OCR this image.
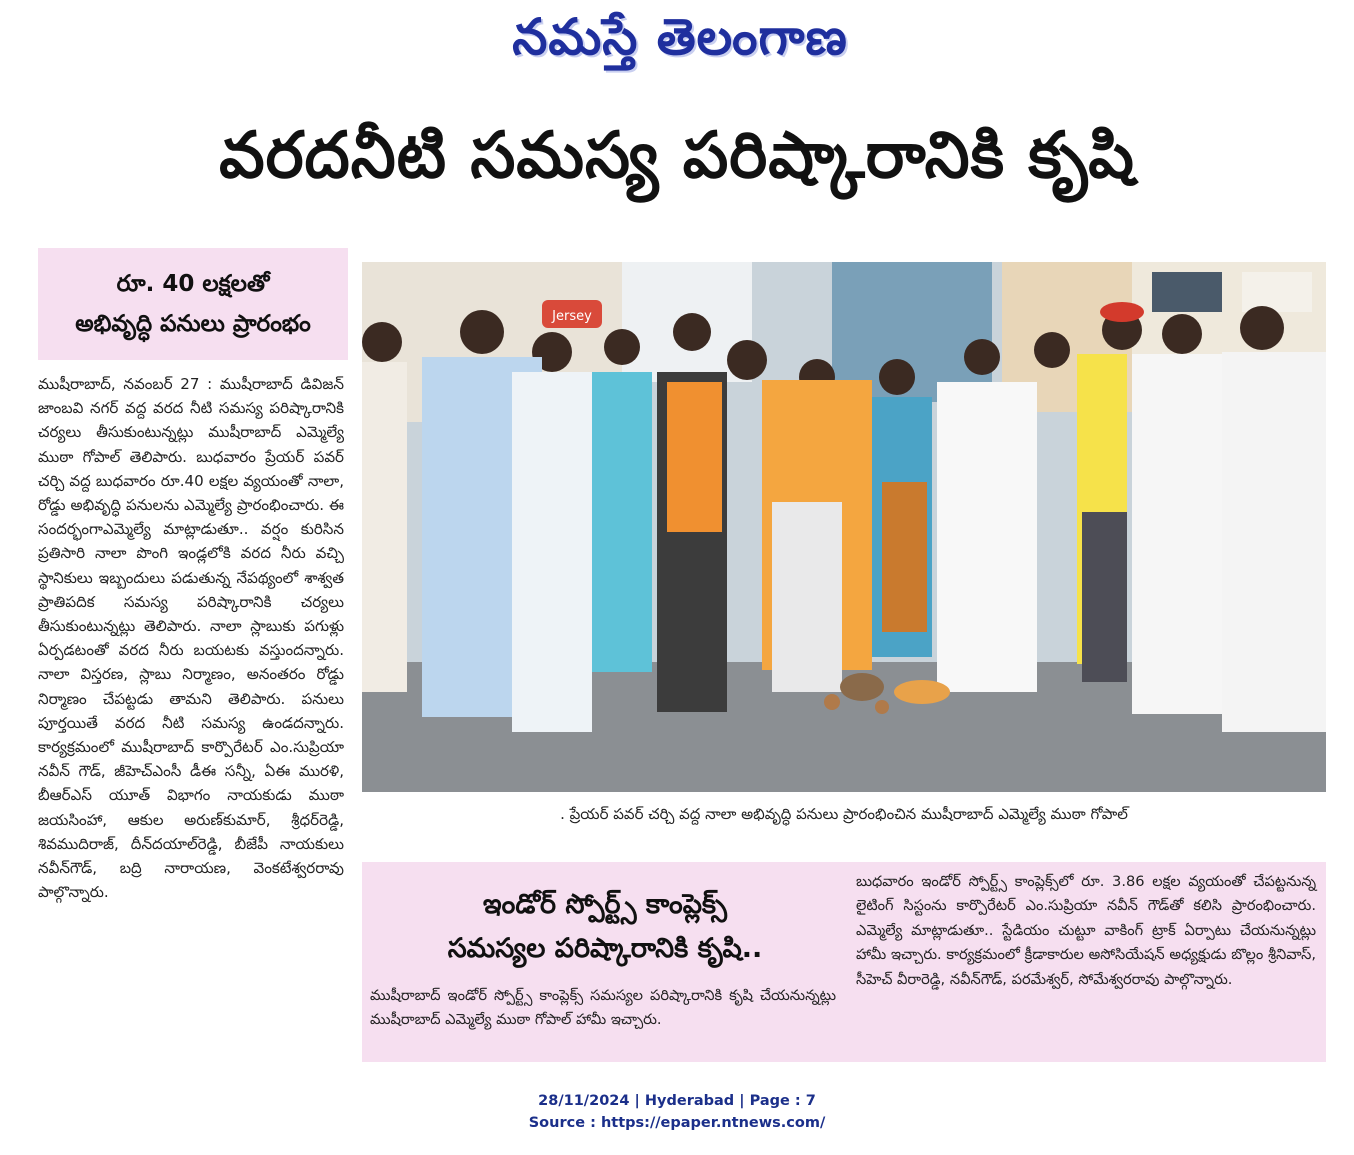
నమస్తే తెలంగాణ
వరదనీటి సమస్య పరిష్కారానికి కృషి
రూ. 40 లక్షలతో
అభివృద్ధి పనులు ప్రారంభం

ముషీరాబాద్, నవంబర్ 27 : ముషీరాబాద్ డివిజన్ జాంబవి నగర్ వద్ద వరద నీటి సమస్య పరిష్కారానికి చర్యలు తీసుకుంటున్నట్లు ముషీరాబాద్ ఎమ్మెల్యే ముఠా గోపాల్ తెలిపారు. బుధవారం ప్రేయర్ పవర్ చర్చి వద్ద బుధవారం రూ.40 లక్షల వ్యయంతో నాలా, రోడ్డు అభివృద్ధి పనులను ఎమ్మెల్యే ప్రారంభించారు. ఈ సందర్భంగాఎమ్మెల్యే మాట్లాడుతూ.. వర్షం కురిసిన ప్రతిసారి నాలా పొంగి ఇండ్లలోకి వరద నీరు వచ్చి స్థానికులు ఇబ్బందులు పడుతున్న నేపథ్యంలో శాశ్వత ప్రాతిపదిక సమస్య పరిష్కారానికి చర్యలు తీసుకుంటున్నట్లు తెలిపారు. నాలా స్లాబుకు పగుళ్లు ఏర్పడటంతో వరద నీరు బయటకు వస్తుందన్నారు. నాలా విస్తరణ, స్లాబు నిర్మాణం, అనంతరం రోడ్డు నిర్మాణం చేపట్టడు తామని తెలిపారు. పనులు పూర్తయితే వరద నీటి సమస్య ఉండదన్నారు. కార్యక్రమంలో ముషీరాబాద్ కార్పొరేటర్ ఎం.సుప్రియా నవీన్ గౌడ్, జీహెచ్ఎంసీ డీఈ సన్నీ, ఏఈ మురళి, బీఆర్ఎస్ యూత్ విభాగం నాయకుడు ముఠా జయసింహా, ఆకుల అరుణ్‌కుమార్, శ్రీధర్‌రెడ్డి, శివముదిరాజ్, దీన్‌దయాల్‌రెడ్డి, బీజేపీ నాయకులు నవీన్‌గౌడ్, బద్రి నారాయణ, వెంకటేశ్వరరావు పాల్గొన్నారు.

Jersey
. ప్రేయర్ పవర్ చర్చి వద్ద నాలా అభివృద్ధి పనులు ప్రారంభించిన ముషీరాబాద్ ఎమ్మెల్యే ముఠా గోపాల్
ఇండోర్ స్పోర్ట్స్ కాంప్లెక్స్
సమస్యల పరిష్కారానికి కృషి..
ముషీరాబాద్ ఇండోర్ స్పోర్ట్స్ కాంప్లెక్స్ సమస్యల పరిష్కారానికి కృషి చేయనున్నట్లు ముషీరాబాద్ ఎమ్మెల్యే ముఠా గోపాల్ హామీ ఇచ్చారు.
బుధవారం ఇండోర్ స్పోర్ట్స్ కాంప్లెక్స్‌లో రూ. 3.86 లక్షల వ్యయంతో చేపట్టనున్న లైటింగ్ సిస్టంను కార్పొరేటర్ ఎం.సుప్రియా నవీన్ గౌడ్‌తో కలిసి ప్రారంభించారు. ఎమ్మెల్యే మాట్లాడుతూ.. స్టేడియం చుట్టూ వాకింగ్ ట్రాక్ ఏర్పాటు చేయనున్నట్లు హామీ ఇచ్చారు. కార్యక్రమంలో క్రీడాకారుల అసోసియేషన్ అధ్యక్షుడు బొల్లం శ్రీనివాస్, సీహెచ్ వీరారెడ్డి, నవీన్‌గౌడ్, పరమేశ్వర్, సోమేశ్వరరావు పాల్గొన్నారు.
28/11/2024 | Hyderabad | Page : 7
Source : https://epaper.ntnews.com/
